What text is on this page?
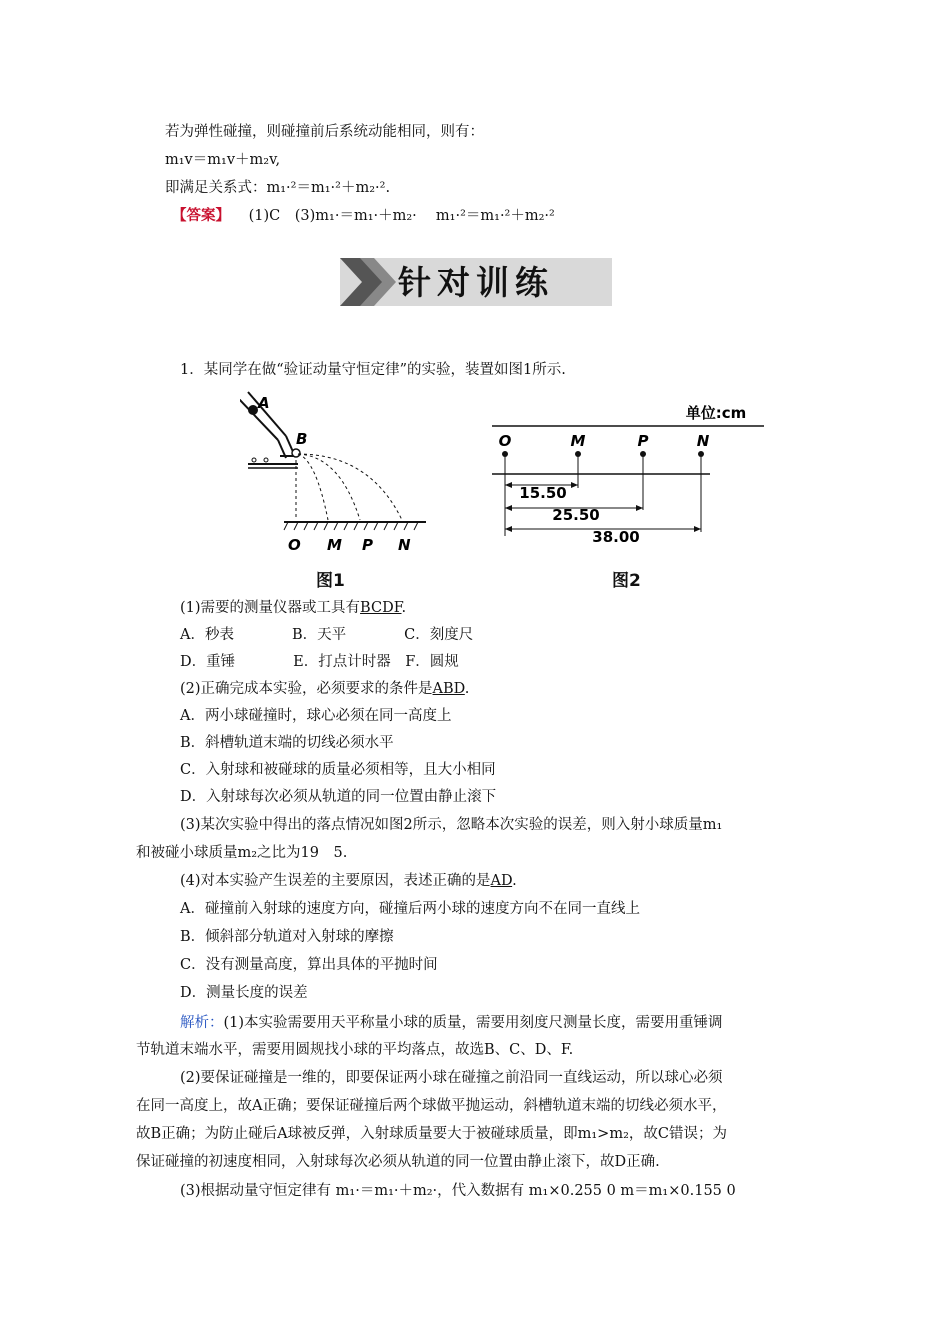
若为弹性碰撞，则碰撞前后系统动能相同，则有：
m₁v＝m₁v＋m₂v,
即满足关系式：m₁·²＝m₁·²＋m₂·².
【答案】 (1)C　(3)m₁·＝m₁·＋m₂·　 m₁·²＝m₁·²＋m₂·²
针对训练
1．某同学在做“验证动量守恒定律”的实验，装置如图1所示.
A
B
O M P N
图1
单位:cm
O	M	P	N
15.50
25.50
38.00
图2
(1)需要的测量仪器或工具有BCDF.
A．秒表　　　　B．天平　　　　C．刻度尺
D．重锤　　　　E．打点计时器　F．圆规
(2)正确完成本实验，必须要求的条件是ABD.
A．两小球碰撞时，球心必须在同一高度上
B．斜槽轨道末端的切线必须水平
C．入射球和被碰球的质量必须相等，且大小相同
D．入射球每次必须从轨道的同一位置由静止滚下
(3)某次实验中得出的落点情况如图2所示，忽略本次实验的误差，则入射小球质量m₁
和被碰小球质量m₂之比为19　5.
(4)对本实验产生误差的主要原因，表述正确的是AD.
A．碰撞前入射球的速度方向，碰撞后两小球的速度方向不在同一直线上
B．倾斜部分轨道对入射球的摩擦
C．没有测量高度，算出具体的平抛时间
D．测量长度的误差
解析：(1)本实验需要用天平称量小球的质量，需要用刻度尺测量长度，需要用重锤调
节轨道末端水平，需要用圆规找小球的平均落点，故选B、C、D、F.
(2)要保证碰撞是一维的，即要保证两小球在碰撞之前沿同一直线运动，所以球心必须
在同一高度上，故A正确；要保证碰撞后两个球做平抛运动，斜槽轨道末端的切线必须水平，
故B正确；为防止碰后A球被反弹，入射球质量要大于被碰球质量，即m₁>m₂，故C错误；为
保证碰撞的初速度相同，入射球每次必须从轨道的同一位置由静止滚下，故D正确.
(3)根据动量守恒定律有 m₁·＝m₁·＋m₂·，代入数据有 m₁×0.255 0 m＝m₁×0.155 0
